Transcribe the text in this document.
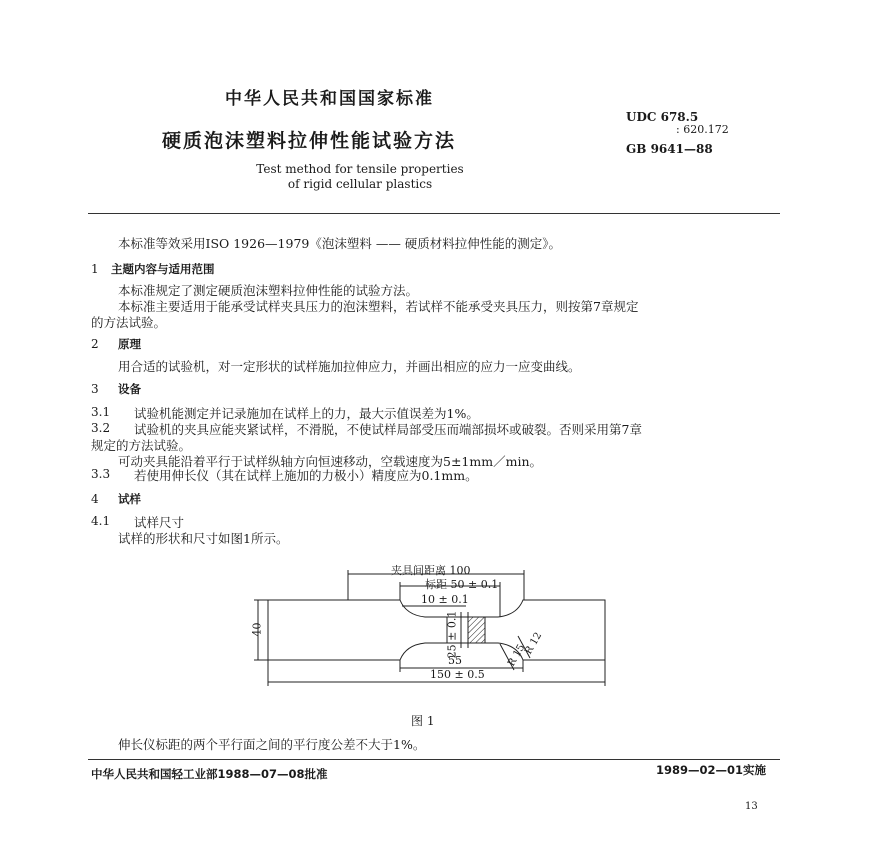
中华人民共和国国家标准
硬质泡沫塑料拉伸性能试验方法
Test method for tensile properties
of rigid cellular plastics
UDC 678.5
: 620.172
GB 9641—88
本标准等效采用ISO 1926—1979《泡沫塑料 —— 硬质材料拉伸性能的测定》。
1 主题内容与适用范围
本标准规定了测定硬质泡沫塑料拉伸性能的试验方法。
本标准主要适用于能承受试样夹具压力的泡沫塑料，若试样不能承受夹具压力，则按第7章规定
的方法试验。
2 原理
用合适的试验机，对一定形状的试样施加拉伸应力，并画出相应的应力一应变曲线。
3 设备
3.1 试验机能测定并记录施加在试样上的力，最大示值误差为1%。
3.2 试验机的夹具应能夹紧试样，不滑脱，不使试样局部受压而端部损坏或破裂。否则采用第7章
规定的方法试验。
可动夹具能沿着平行于试样纵轴方向恒速移动，空载速度为5±1mm／min。
3.3 若使用伸长仪（其在试样上施加的力极小）精度应为0.1mm。
4 试样
4.1 试样尺寸
试样的形状和尺寸如图1所示。
夹具间距离 100
标距 50 ± 0.1
10 ± 0.1
40	25 ± 0.1
55
150 ± 0.5
R 15
R 12
图 1
伸长仪标距的两个平行面之间的平行度公差不大于1%。
中华人民共和国轻工业部1988—07—08批准	1989—02—01实施
13
